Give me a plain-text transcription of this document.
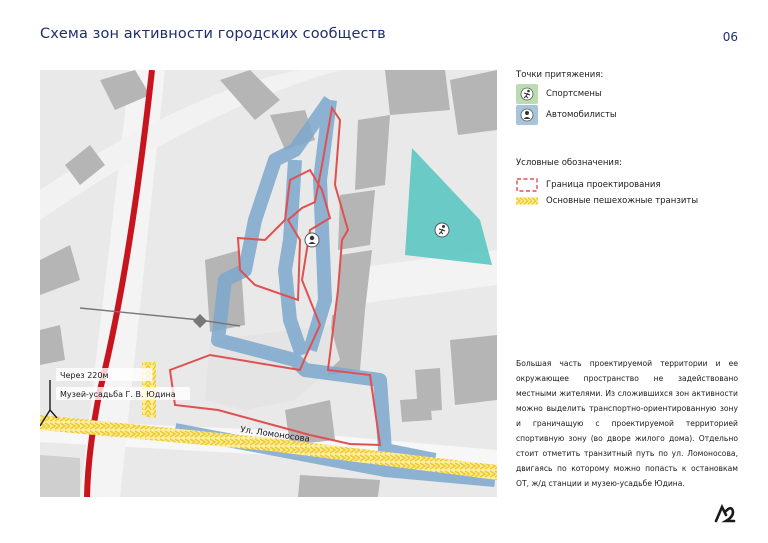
Схема зон активности городских сообществ	06
Ул. Ломоносова
Через 220м
Музей-усадьба Г. В. Юдина
Точки притяжения:
Спортсмены
Автомобилисты
Условные обозначения:
Граница проектирования
Основные пешехожные транзиты
Большая часть проектируемой территории и ее окружающее пространство не задействовано местными жителями. Из сложившихся зон активности можно выделить транспортно-ориентированную зону и граничащую с проектируемой территорией спортивную зону (во дворе жилого дома). Отдельно стоит отметить транзитный путь по ул. Ломоносова, двигаясь по которому можно попасть к остановкам ОТ, ж/д станции и музею-усадьбе Юдина.
